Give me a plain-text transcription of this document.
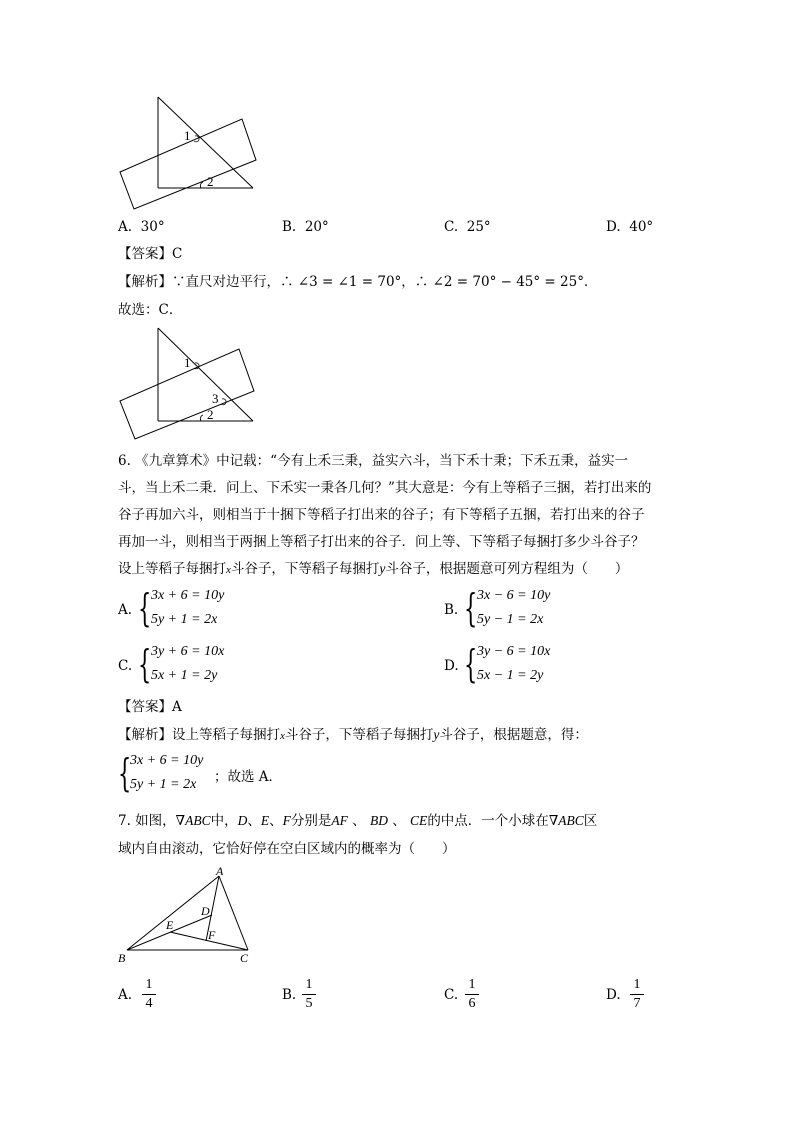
1
2
A. 30°	B. 20°	C. 25°	D. 40°
【答案】C
【解析】∵直尺对边平行，∴ ∠3 = ∠1 = 70°，∴ ∠2 = 70° − 45° = 25°．
故选：C．
1
3
2
6. 《九章算术》中记载：“今有上禾三秉，益实六斗，当下禾十秉；下禾五秉，益实一
斗，当上禾二秉．问上、下禾实一秉各几何？”其大意是：今有上等稻子三捆，若打出来的
谷子再加六斗，则相当于十捆下等稻子打出来的谷子；有下等稻子五捆，若打出来的谷子
再加一斗，则相当于两捆上等稻子打出来的谷子．问上等、下等稻子每捆打多少斗谷子？
设上等稻子每捆打x斗谷子，下等稻子每捆打y斗谷子，根据题意可列方程组为（　　）
A. { 3x + 6 = 10y
5y + 1 = 2x
B. { 3x − 6 = 10y
5y − 1 = 2x
C. { 3y + 6 = 10x
5x + 1 = 2y
D. { 3y − 6 = 10x
5x − 1 = 2y
【答案】A
【解析】设上等稻子每捆打x斗谷子，下等稻子每捆打y斗谷子，根据题意，得：
{
3x + 6 = 10y
5y + 1 = 2x ；故选 A．
7. 如图，∇ABC中，D、E、F分别是AF 、 BD 、 CE的中点．一个小球在∇ABC区
域内自由滚动，它恰好停在空白区域内的概率为（　　）
A
B	C
D
E
F
A. $\frac{1}{4}$	B. $\frac{1}{5}$	C. $\frac{1}{6}$	D. $\frac{1}{7}$
